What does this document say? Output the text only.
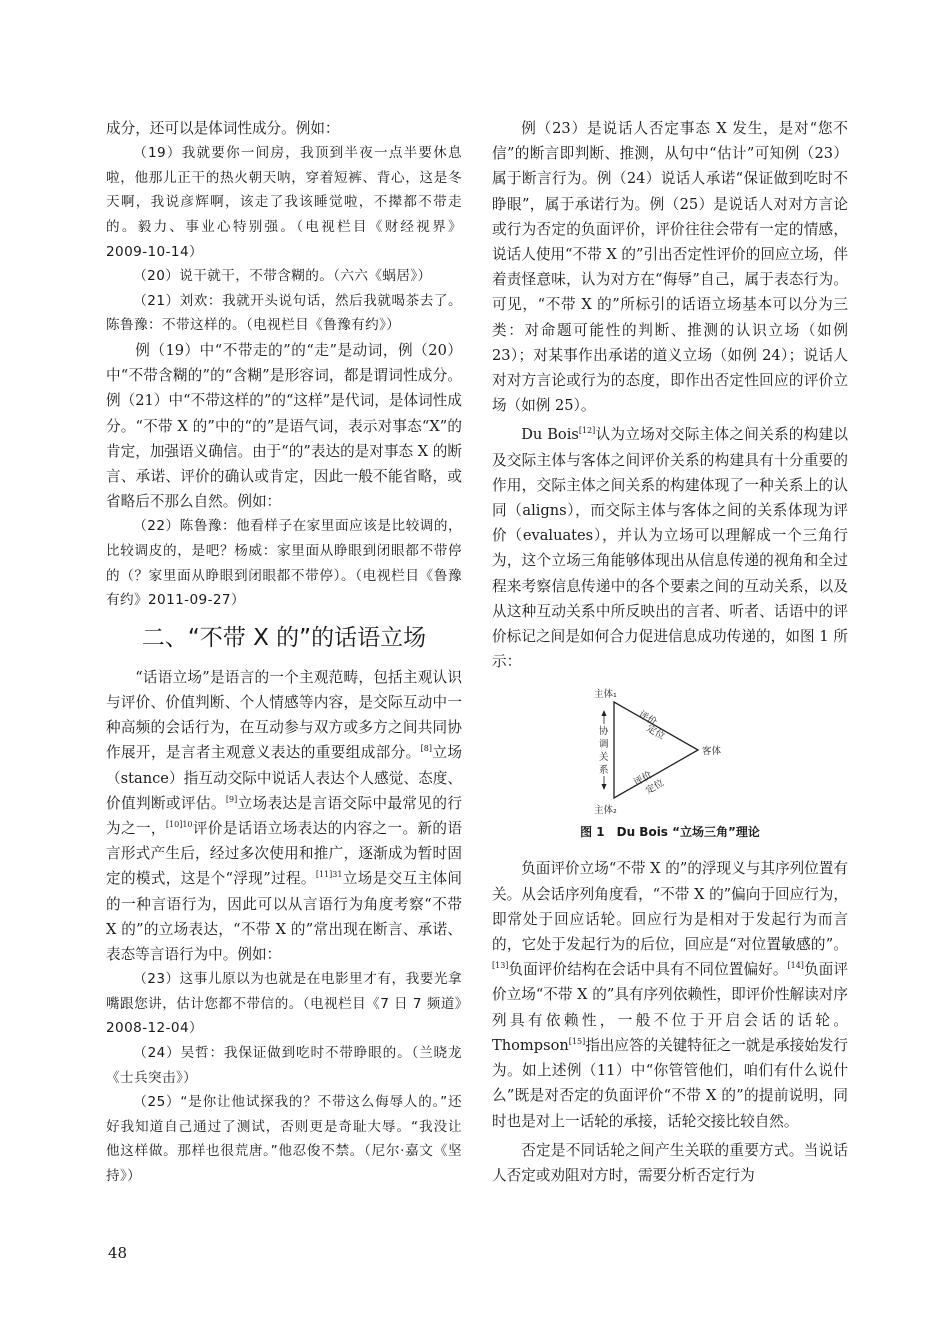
成分，还可以是体词性成分。例如：

（19）我就要你一间房，我顶到半夜一点半要休息啦，他那儿正干的热火朝天呐，穿着短裤、背心，这是冬天啊，我说彦辉啊，该走了我该睡觉啦，不撵都不带走的。毅力、事业心特别强。（电视栏目《财经视界》2009-10-14）

（20）说干就干，不带含糊的。（六六《蜗居》）

（21）刘欢：我就开头说句话，然后我就喝茶去了。陈鲁豫：不带这样的。（电视栏目《鲁豫有约》）

例（19）中“不带走的”的“走”是动词，例（20）中“不带含糊的”的“含糊”是形容词，都是谓词性成分。例（21）中“不带这样的”的“这样”是代词，是体词性成分。“不带 X 的”中的“的”是语气词，表示对事态“X”的肯定，加强语义确信。由于“的”表达的是对事态 X 的断言、承诺、评价的确认或肯定，因此一般不能省略，或省略后不那么自然。例如：

（22）陈鲁豫：他看样子在家里面应该是比较调的，比较调皮的，是吧？杨威：家里面从睁眼到闭眼都不带停的（？家里面从睁眼到闭眼都不带停）。（电视栏目《鲁豫有约》2011-09-27）

二、“不带 X 的”的话语立场

“话语立场”是语言的一个主观范畴，包括主观认识与评价、价值判断、个人情感等内容，是交际互动中一种高频的会话行为，在互动参与双方或多方之间共同协作展开，是言者主观意义表达的重要组成部分。[8]立场（stance）指互动交际中说话人表达个人感觉、态度、价值判断或评估。[9]立场表达是言语交际中最常见的行为之一，$^{[10]10}$评价是话语立场表达的内容之一。新的语言形式产生后，经过多次使用和推广，逐渐成为暂时固定的模式，这是个“浮现”过程。$^{[11]31}$立场是交互主体间的一种言语行为，因此可以从言语行为角度考察“不带 X 的”的立场表达，“不带 X 的”常出现在断言、承诺、表态等言语行为中。例如：

（23）这事儿原以为也就是在电影里才有，我要光拿嘴跟您讲，估计您都不带信的。（电视栏目《7 日 7 频道》2008-12-04）

（24）吴哲：我保证做到吃时不带睁眼的。（兰晓龙《士兵突击》）

（25）“是你让他试探我的？不带这么侮辱人的。”还好我知道自己通过了测试，否则更是奇耻大辱。“我没让他这样做。那样也很荒唐。”他忍俊不禁。（尼尔·嘉文《坚持》）

例（23）是说话人否定事态 X 发生，是对“您不信”的断言即判断、推测，从句中“估计”可知例（23）属于断言行为。例（24）说话人承诺“保证做到吃时不睁眼”，属于承诺行为。例（25）是说话人对对方言论或行为否定的负面评价，评价往往会带有一定的情感，说话人使用“不带 X 的”引出否定性评价的回应立场，伴着责怪意味，认为对方在“侮辱”自己，属于表态行为。可见，“不带 X 的”所标引的话语立场基本可以分为三类：对命题可能性的判断、推测的认识立场（如例 23）；对某事作出承诺的道义立场（如例 24）；说话人对对方言论或行为的态度，即作出否定性回应的评价立场（如例 25）。

Du Bois[12]认为立场对交际主体之间关系的构建以及交际主体与客体之间评价关系的构建具有十分重要的作用，交际主体之间关系的构建体现了一种关系上的认同（aligns），而交际主体与客体之间的关系体现为评价（evaluates），并认为立场可以理解成一个三角行为，这个立场三角能够体现出从信息传递的视角和全过程来考察信息传递中的各个要素之间的互动关系，以及从这种互动关系中所反映出的言者、听者、话语中的评价标记之间是如何合力促进信息成功传递的，如图 1 所示：

主体₁
主体₂
客体
协
调
关
系
评价
定位
评价
定位
图 1　Du Bois “立场三角”理论

负面评价立场“不带 X 的”的浮现义与其序列位置有关。从会话序列角度看，“不带 X 的”偏向于回应行为，即常处于回应话轮。回应行为是相对于发起行为而言的，它处于发起行为的后位，回应是“对位置敏感的”。[13]负面评价结构在会话中具有不同位置偏好。[14]负面评价立场“不带 X 的”具有序列依赖性，即评价性解读对序列具有依赖性，一般不位于开启会话的话轮。Thompson[15]指出应答的关键特征之一就是承接始发行为。如上述例（11）中“你管管他们，咱们有什么说什么”既是对否定的负面评价“不带 X 的”的提前说明，同时也是对上一话轮的承接，话轮交接比较自然。

否定是不同话轮之间产生关联的重要方式。当说话人否定或劝阻对方时，需要分析否定行为

48
